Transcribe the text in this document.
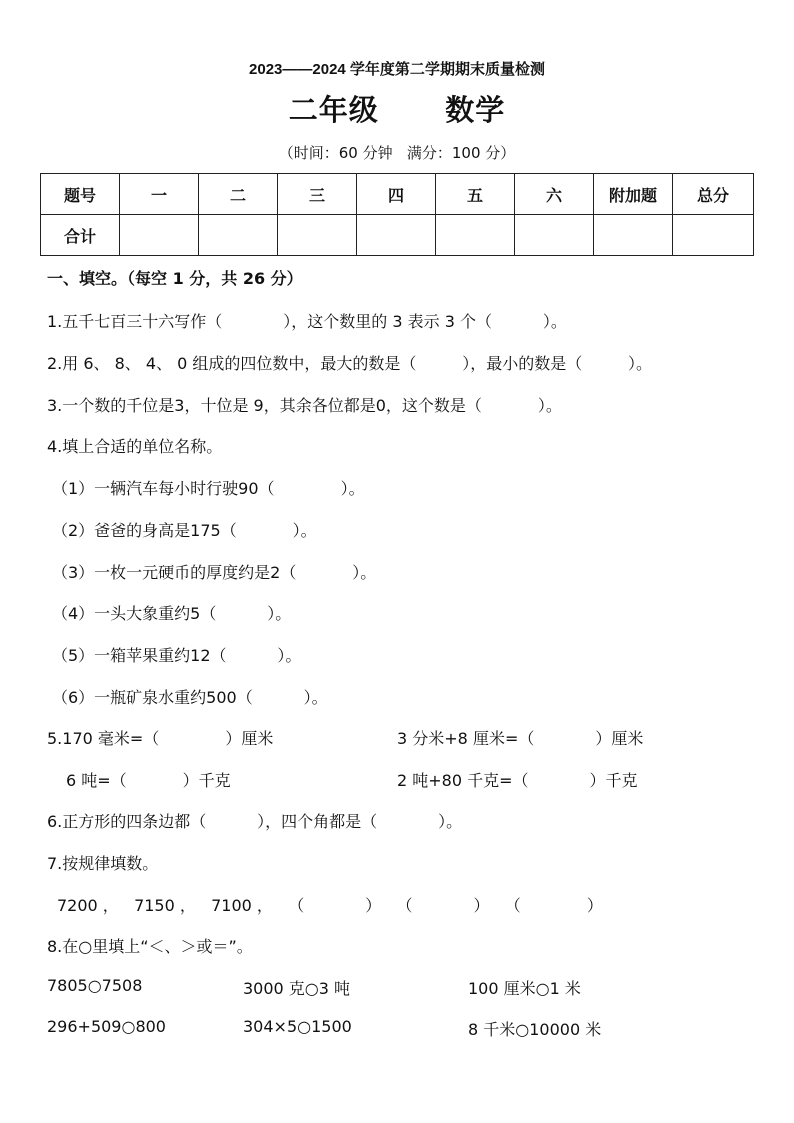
2023——2024 学年度第二学期期末质量检测
二年级      数学
（时间：60 分钟   满分：100 分）
题号	一	二	三	四	五	六	附加题	总分
合计								
一、填空。（每空 1 分，共 26 分）
1.五千七百三十六写作（            ），这个数里的 3 表示 3 个（          ）。
2.用 6、 8、 4、 0 组成的四位数中，最大的数是（         ），最小的数是（         ）。
3.一个数的千位是3，十位是 9，其余各位都是0，这个数是（           ）。
4.填上合适的单位名称。
（1）一辆汽车每小时行驶90（             ）。
（2）爸爸的身高是175（           ）。
（3）一枚一元硬币的厚度约是2（           ）。
（4）一头大象重约5（          ）。
（5）一箱苹果重约12（          ）。
（6）一瓶矿泉水重约500（          ）。
5.170 毫米=（             ）厘米	3 分米+8 厘米=（            ）厘米
6 吨=（           ）千克	2 吨+80 千克=（            ）千克
6.正方形的四条边都（          ），四个角都是（            ）。
7.按规律填数。
7200 ，   7150 ，   7100 ，   （            ）   （            ）   （             ）
8.在○里填上“＜、＞或＝”。
7805○7508	3000 克○3 吨	100 厘米○1 米
296+509○800	304×5○1500	8 千米○10000 米
